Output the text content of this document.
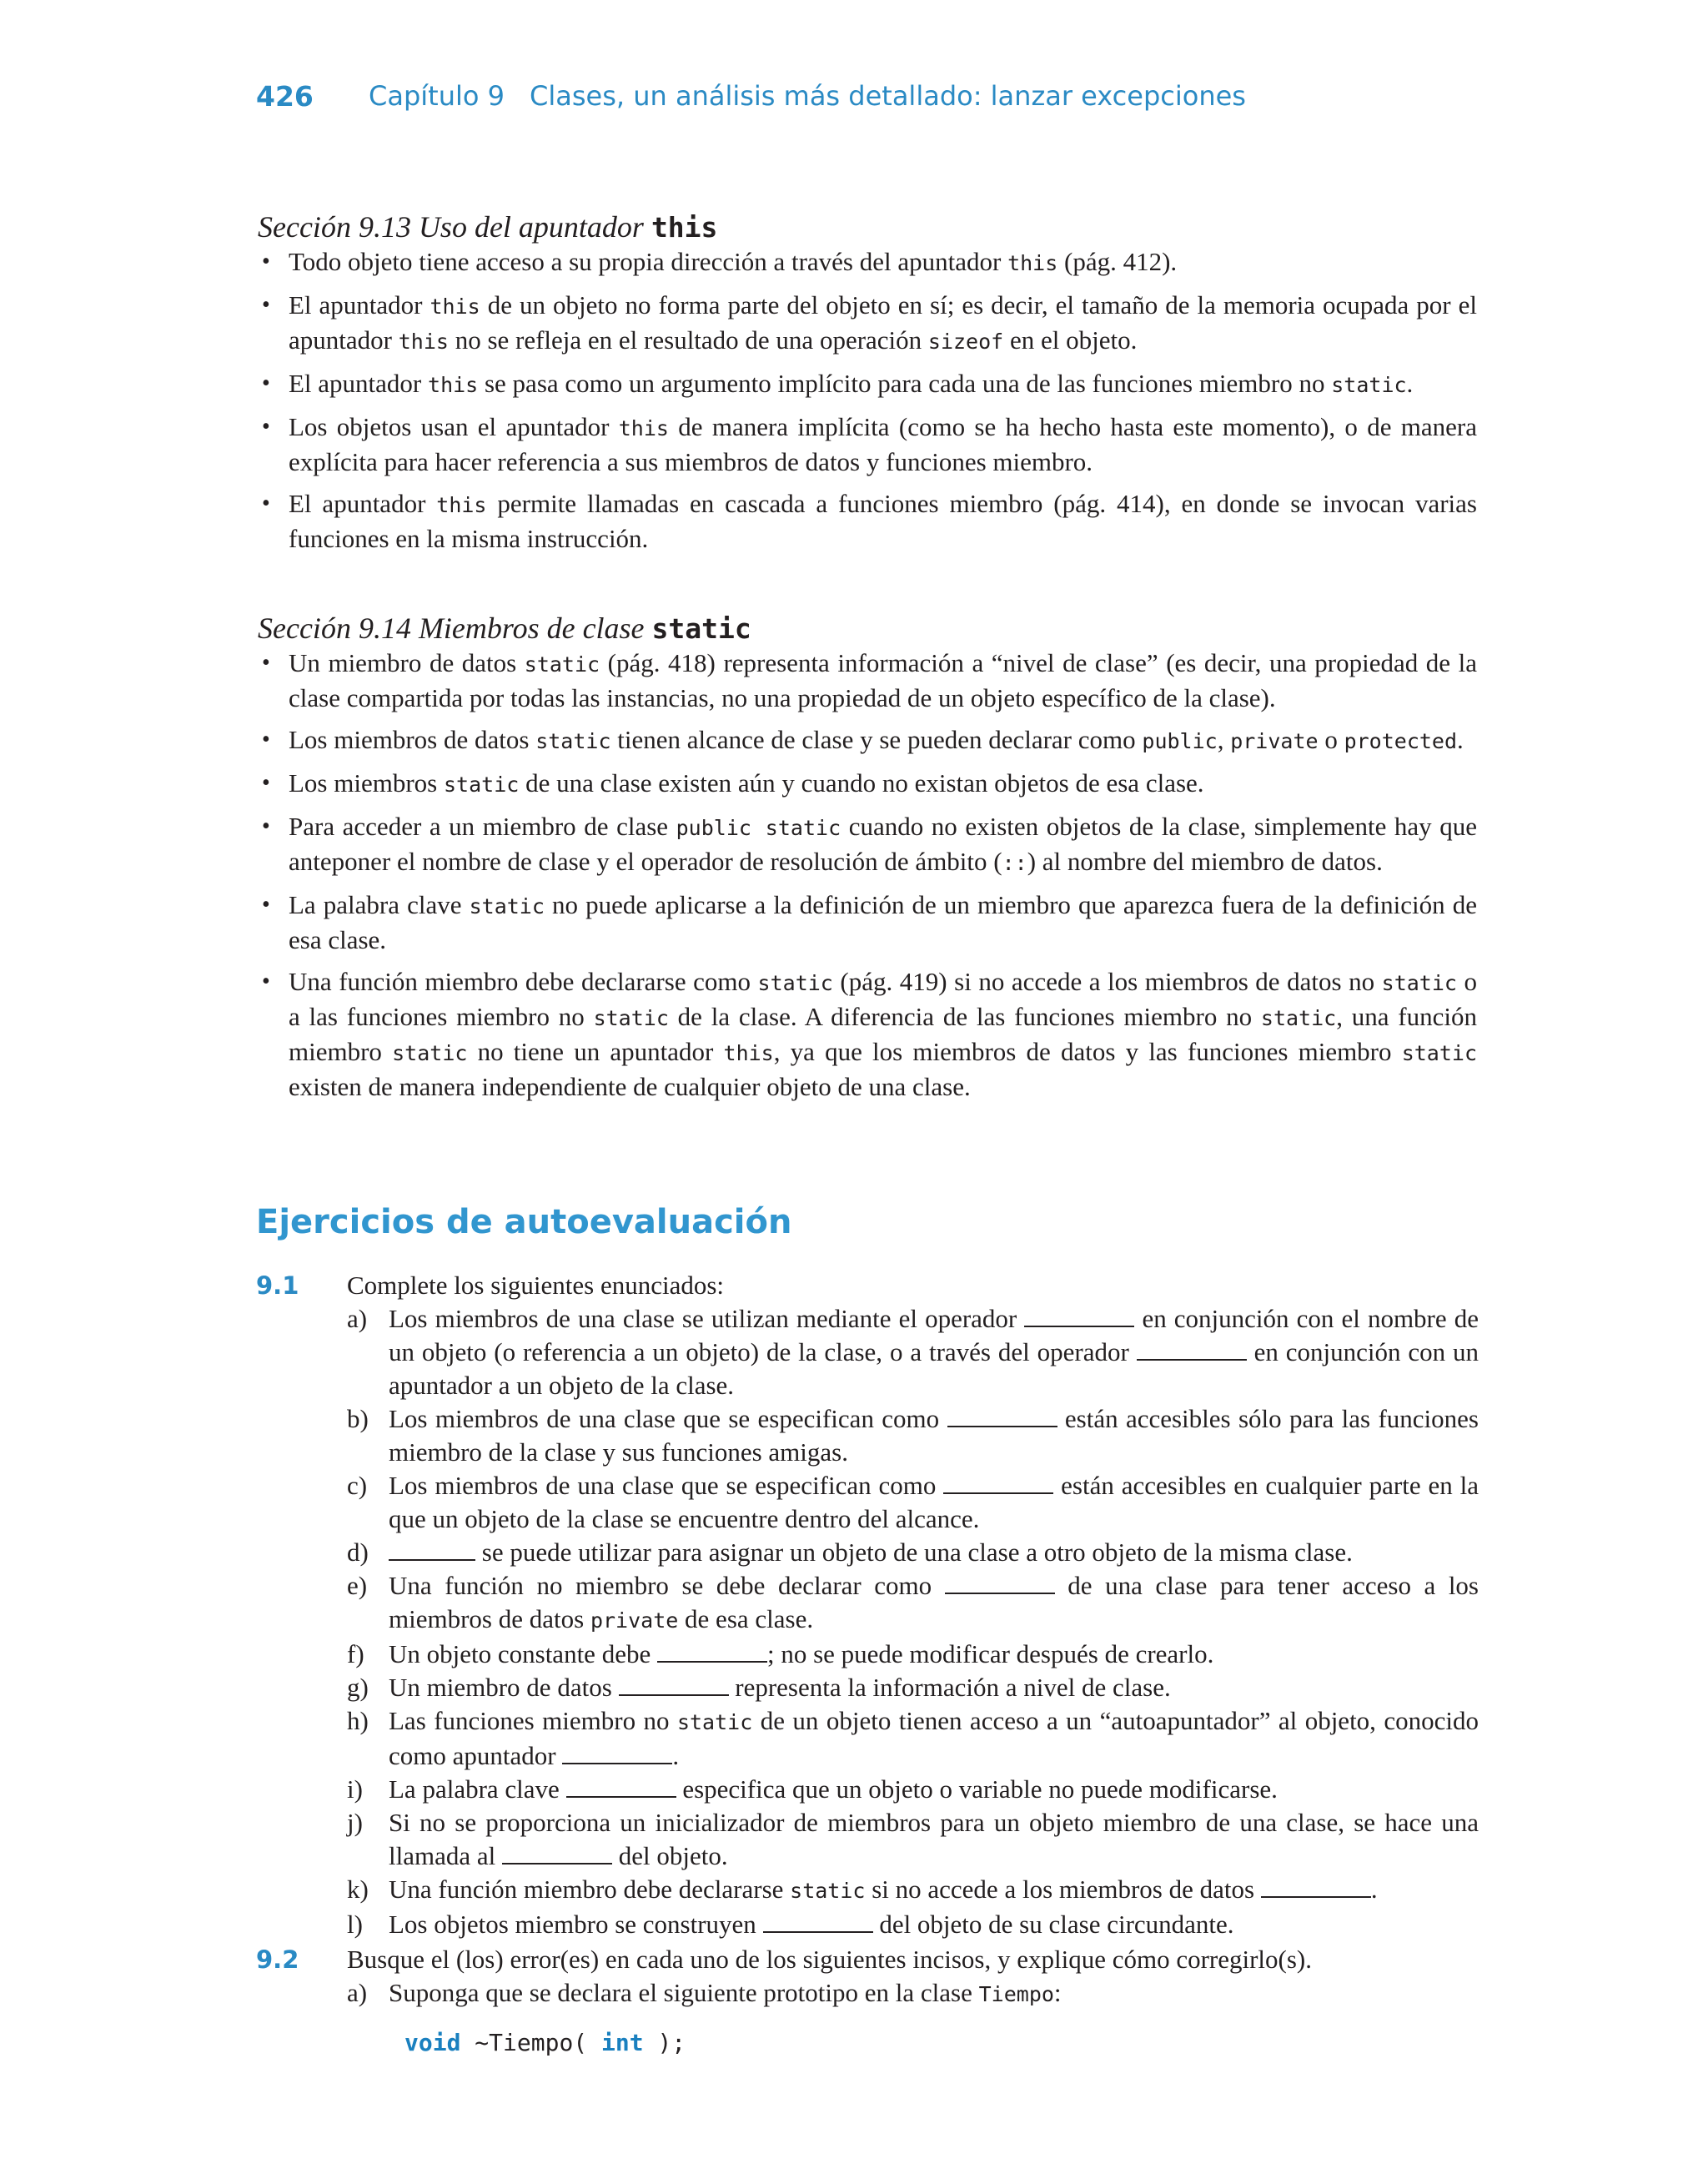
426 Capítulo 9 Clases, un análisis más detallado: lanzar excepciones
Sección 9.13 Uso del apuntador this
• Todo objeto tiene acceso a su propia dirección a través del apuntador this (pág. 412).
• El apuntador this de un objeto no forma parte del objeto en sí; es decir, el tamaño de la memoria ocupada por el apuntador this no se refleja en el resultado de una operación sizeof en el objeto.
• El apuntador this se pasa como un argumento implícito para cada una de las funciones miembro no static.
• Los objetos usan el apuntador this de manera implícita (como se ha hecho hasta este momento), o de manera explícita para hacer referencia a sus miembros de datos y funciones miembro.
• El apuntador this permite llamadas en cascada a funciones miembro (pág. 414), en donde se invocan varias funciones en la misma instrucción.
Sección 9.14 Miembros de clase static
• Un miembro de datos static (pág. 418) representa información a “nivel de clase” (es decir, una propiedad de la clase compartida por todas las instancias, no una propiedad de un objeto específico de la clase).
• Los miembros de datos static tienen alcance de clase y se pueden declarar como public, private o protected.
• Los miembros static de una clase existen aún y cuando no existan objetos de esa clase.
• Para acceder a un miembro de clase public static cuando no existen objetos de la clase, simplemente hay que anteponer el nombre de clase y el operador de resolución de ámbito (::) al nombre del miembro de datos.
• La palabra clave static no puede aplicarse a la definición de un miembro que aparezca fuera de la definición de esa clase.
• Una función miembro debe declararse como static (pág. 419) si no accede a los miembros de datos no static o a las funciones miembro no static de la clase. A diferencia de las funciones miembro no static, una función miembro static no tiene un apuntador this, ya que los miembros de datos y las funciones miembro static existen de manera independiente de cualquier objeto de una clase.
Ejercicios de autoevaluación
9.1 Complete los siguientes enunciados:
a) Los miembros de una clase se utilizan mediante el operador	en conjunción con el nombre de un objeto (o referencia a un objeto) de la clase, o a través del operador	en conjunción con un apuntador a un objeto de la clase.
b) Los miembros de una clase que se especifican como	están accesibles sólo para las funciones miembro de la clase y sus funciones amigas.
c) Los miembros de una clase que se especifican como	están accesibles en cualquier parte en la que un objeto de la clase se encuentre dentro del alcance.
d)	se puede utilizar para asignar un objeto de una clase a otro objeto de la misma clase.
e) Una función no miembro se debe declarar como	de una clase para tener acceso a los miembros de datos private de esa clase.
f) Un objeto constante debe	; no se puede modificar después de crearlo.
g) Un miembro de datos	representa la información a nivel de clase.
h) Las funciones miembro no static de un objeto tienen acceso a un “autoapuntador” al objeto, conocido como apuntador	.
i) La palabra clave	especifica que un objeto o variable no puede modificarse.
j) Si no se proporciona un inicializador de miembros para un objeto miembro de una clase, se hace una llamada al	del objeto.
k) Una función miembro debe declararse static si no accede a los miembros de datos	.
l) Los objetos miembro se construyen	del objeto de su clase circundante.
9.2 Busque el (los) error(es) en cada uno de los siguientes incisos, y explique cómo corregirlo(s).
a) Suponga que se declara el siguiente prototipo en la clase Tiempo:
void ~Tiempo( int );
